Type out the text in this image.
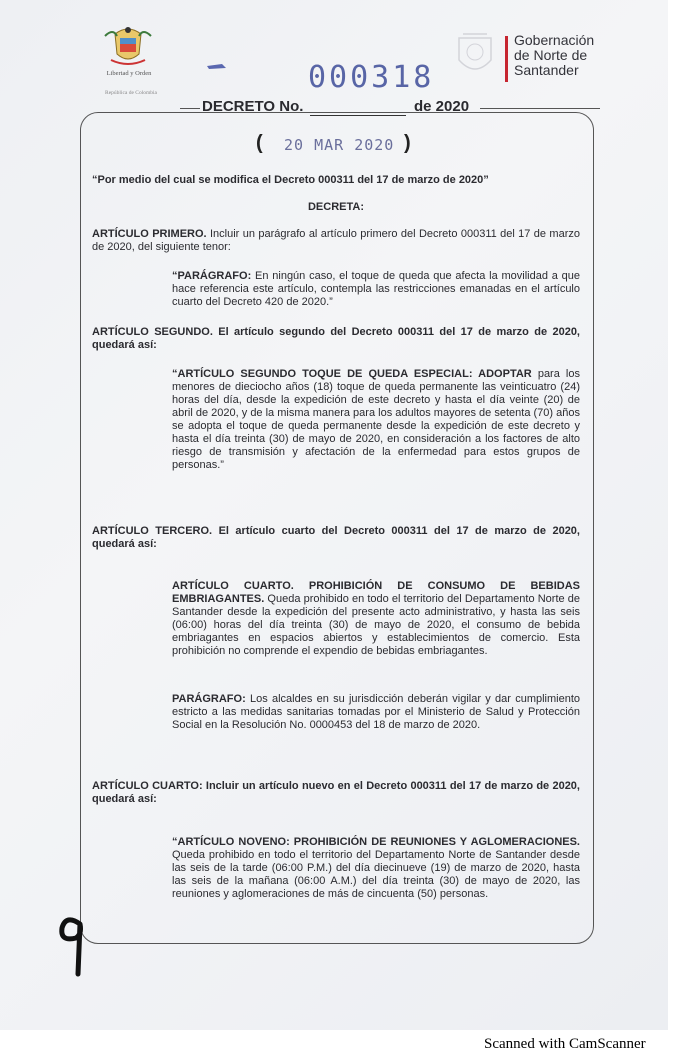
Libertad y Orden
República de Colombia	000318
Gobernación
de Norte de
Santander
DECRETO No.	de 2020
( 20 MAR 2020 )
“Por medio del cual se modifica el Decreto 000311 del 17 de marzo de 2020”
DECRETA:
ARTÍCULO PRIMERO. Incluir un parágrafo al artículo primero del Decreto 000311 del 17 de marzo de 2020, del siguiente tenor:
“PARÁGRAFO: En ningún caso, el toque de queda que afecta la movilidad a que hace referencia este artículo, contempla las restricciones emanadas en el artículo cuarto del Decreto 420 de 2020.”
ARTÍCULO SEGUNDO. El artículo segundo del Decreto 000311 del 17 de marzo de 2020, quedará así:
“ARTÍCULO SEGUNDO TOQUE DE QUEDA ESPECIAL: ADOPTAR para los menores de dieciocho años (18) toque de queda permanente las veinticuatro (24) horas del día, desde la expedición de este decreto y hasta el día veinte (20) de abril de 2020, y de la misma manera para los adultos mayores de setenta (70) años se adopta el toque de queda permanente desde la expedición de este decreto y hasta el día treinta (30) de mayo de 2020, en consideración a los factores de alto riesgo de transmisión y afectación de la enfermedad para estos grupos de personas.”
ARTÍCULO TERCERO. El artículo cuarto del Decreto 000311 del 17 de marzo de 2020, quedará así:
ARTÍCULO CUARTO. PROHIBICIÓN DE CONSUMO DE BEBIDAS EMBRIAGANTES. Queda prohibido en todo el territorio del Departamento Norte de Santander desde la expedición del presente acto administrativo, y hasta las seis (06:00) horas del día treinta (30) de mayo de 2020, el consumo de bebida embriagantes en espacios abiertos y establecimientos de comercio. Esta prohibición no comprende el expendio de bebidas embriagantes.
PARÁGRAFO: Los alcaldes en su jurisdicción deberán vigilar y dar cumplimiento estricto a las medidas sanitarias tomadas por el Ministerio de Salud y Protección Social en la Resolución No. 0000453 del 18 de marzo de 2020.
ARTÍCULO CUARTO: Incluir un artículo nuevo en el Decreto 000311 del 17 de marzo de 2020, quedará así:
“ARTÍCULO NOVENO: PROHIBICIÓN DE REUNIONES Y AGLOMERACIONES. Queda prohibido en todo el territorio del Departamento Norte de Santander desde las seis de la tarde (06:00 P.M.) del día diecinueve (19) de marzo de 2020, hasta las seis de la mañana (06:00 A.M.) del día treinta (30) de mayo de 2020, las reuniones y aglomeraciones de más de cincuenta (50) personas.
Scanned with CamScanner
